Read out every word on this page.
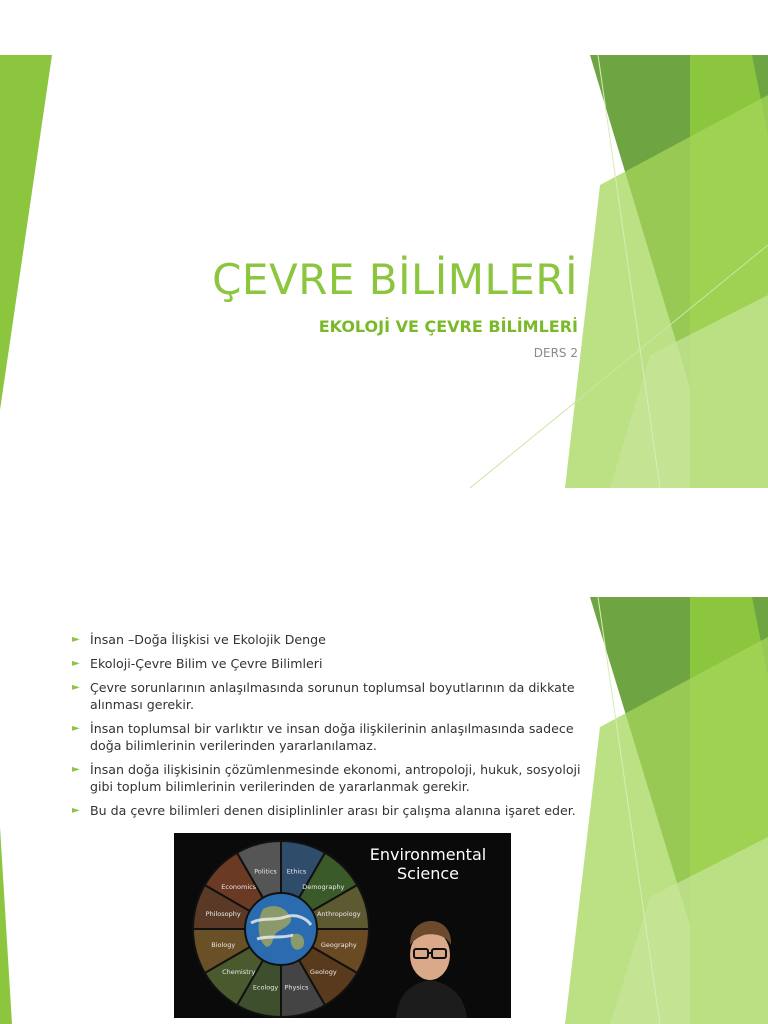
ÇEVRE BİLİMLERİ
EKOLOJİ VE ÇEVRE BİLİMLERİ
DERS 2
► İnsan –Doğa İlişkisi ve Ekolojik Denge
► Ekoloji-Çevre Bilim ve Çevre Bilimleri
► Çevre sorunlarının anlaşılmasında sorunun toplumsal boyutlarının da dikkate alınması gerekir.
► İnsan toplumsal bir varlıktır ve insan doğa ilişkilerinin anlaşılmasında sadece doğa bilimlerinin verilerinden yararlanılamaz.
► İnsan doğa ilişkisinin çözümlenmesinde ekonomi, antropoloji, hukuk, sosyoloji gibi toplum bilimlerinin verilerinden de yararlanmak gerekir.
► Bu da çevre bilimleri denen disiplinlinler arası bir çalışma alanına işaret eder.
Ethics
Demography
Anthropology
Geography
Geology
Physics
Ecology
Chemistry
Biology
Philosophy
Economics
Politics
Environmental
Science
